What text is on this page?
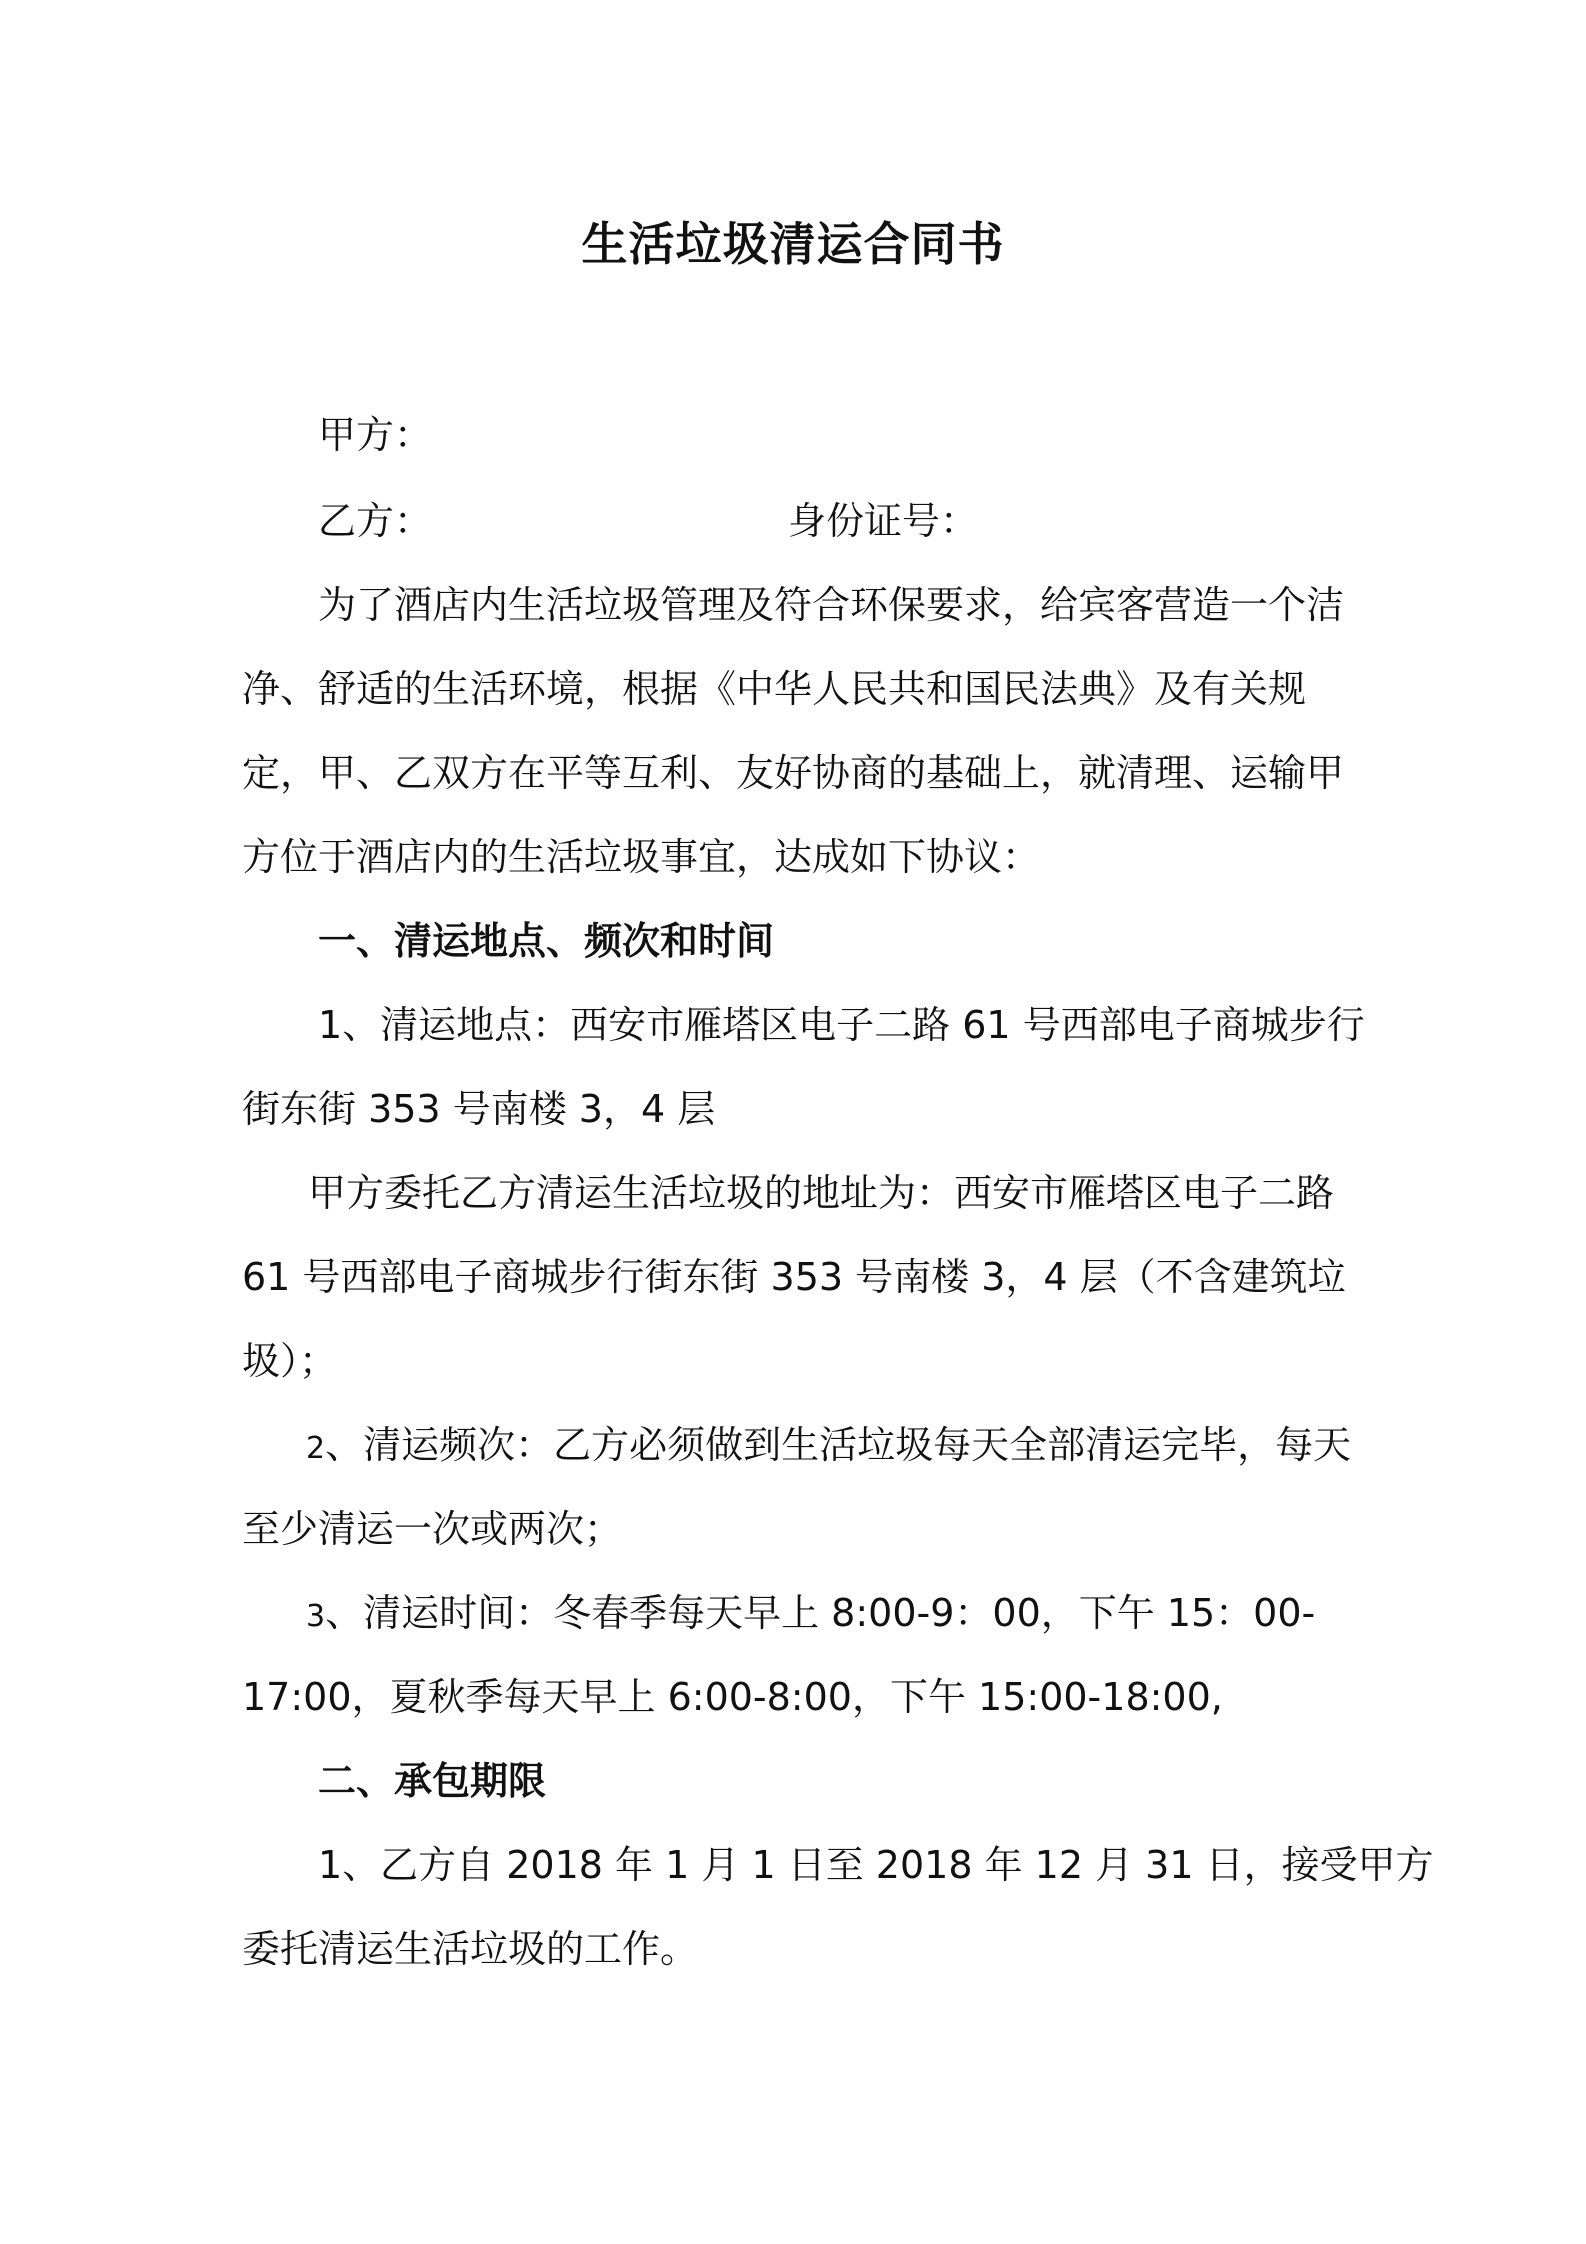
生活垃圾清运合同书

甲方：

乙方：	身份证号：

为了酒店内生活垃圾管理及符合环保要求，给宾客营造一个洁

净、舒适的生活环境，根据《中华人民共和国民法典》及有关规

定，甲、乙双方在平等互利、友好协商的基础上，就清理、运输甲

方位于酒店内的生活垃圾事宜，达成如下协议：

一、清运地点、频次和时间

1、清运地点：西安市雁塔区电子二路 61 号西部电子商城步行

街东街 353 号南楼 3，4 层

甲方委托乙方清运生活垃圾的地址为：西安市雁塔区电子二路

61 号西部电子商城步行街东街 353 号南楼 3，4 层（不含建筑垃

圾）；

2、清运频次：乙方必须做到生活垃圾每天全部清运完毕，每天

至少清运一次或两次；

3、清运时间：冬春季每天早上 8:00-9：00，下午 15：00-

17:00，夏秋季每天早上 6:00-8:00，下午 15:00-18:00,

二、承包期限

1、乙方自 2018 年 1 月 1 日至 2018 年 12 月 31 日，接受甲方

委托清运生活垃圾的工作。
